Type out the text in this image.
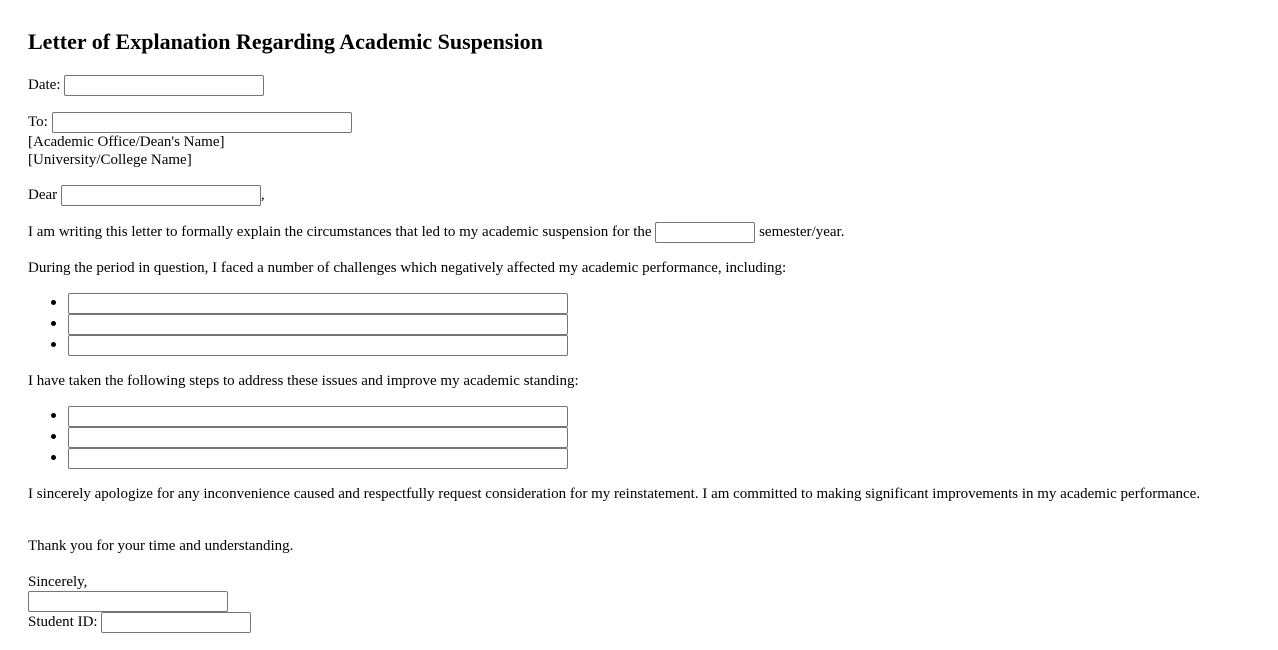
Letter of Explanation Regarding Academic Suspension
Date:
To:
[Academic Office/Dean's Name]
[University/College Name]
Dear	,
I am writing this letter to formally explain the circumstances that led to my academic suspension for the	semester/year.
During the period in question, I faced a number of challenges which negatively affected my academic performance, including:
I have taken the following steps to address these issues and improve my academic standing:
I sincerely apologize for any inconvenience caused and respectfully request consideration for my reinstatement. I am committed to making significant improvements in my academic performance.
Thank you for your time and understanding.
Sincerely,
Student ID:
